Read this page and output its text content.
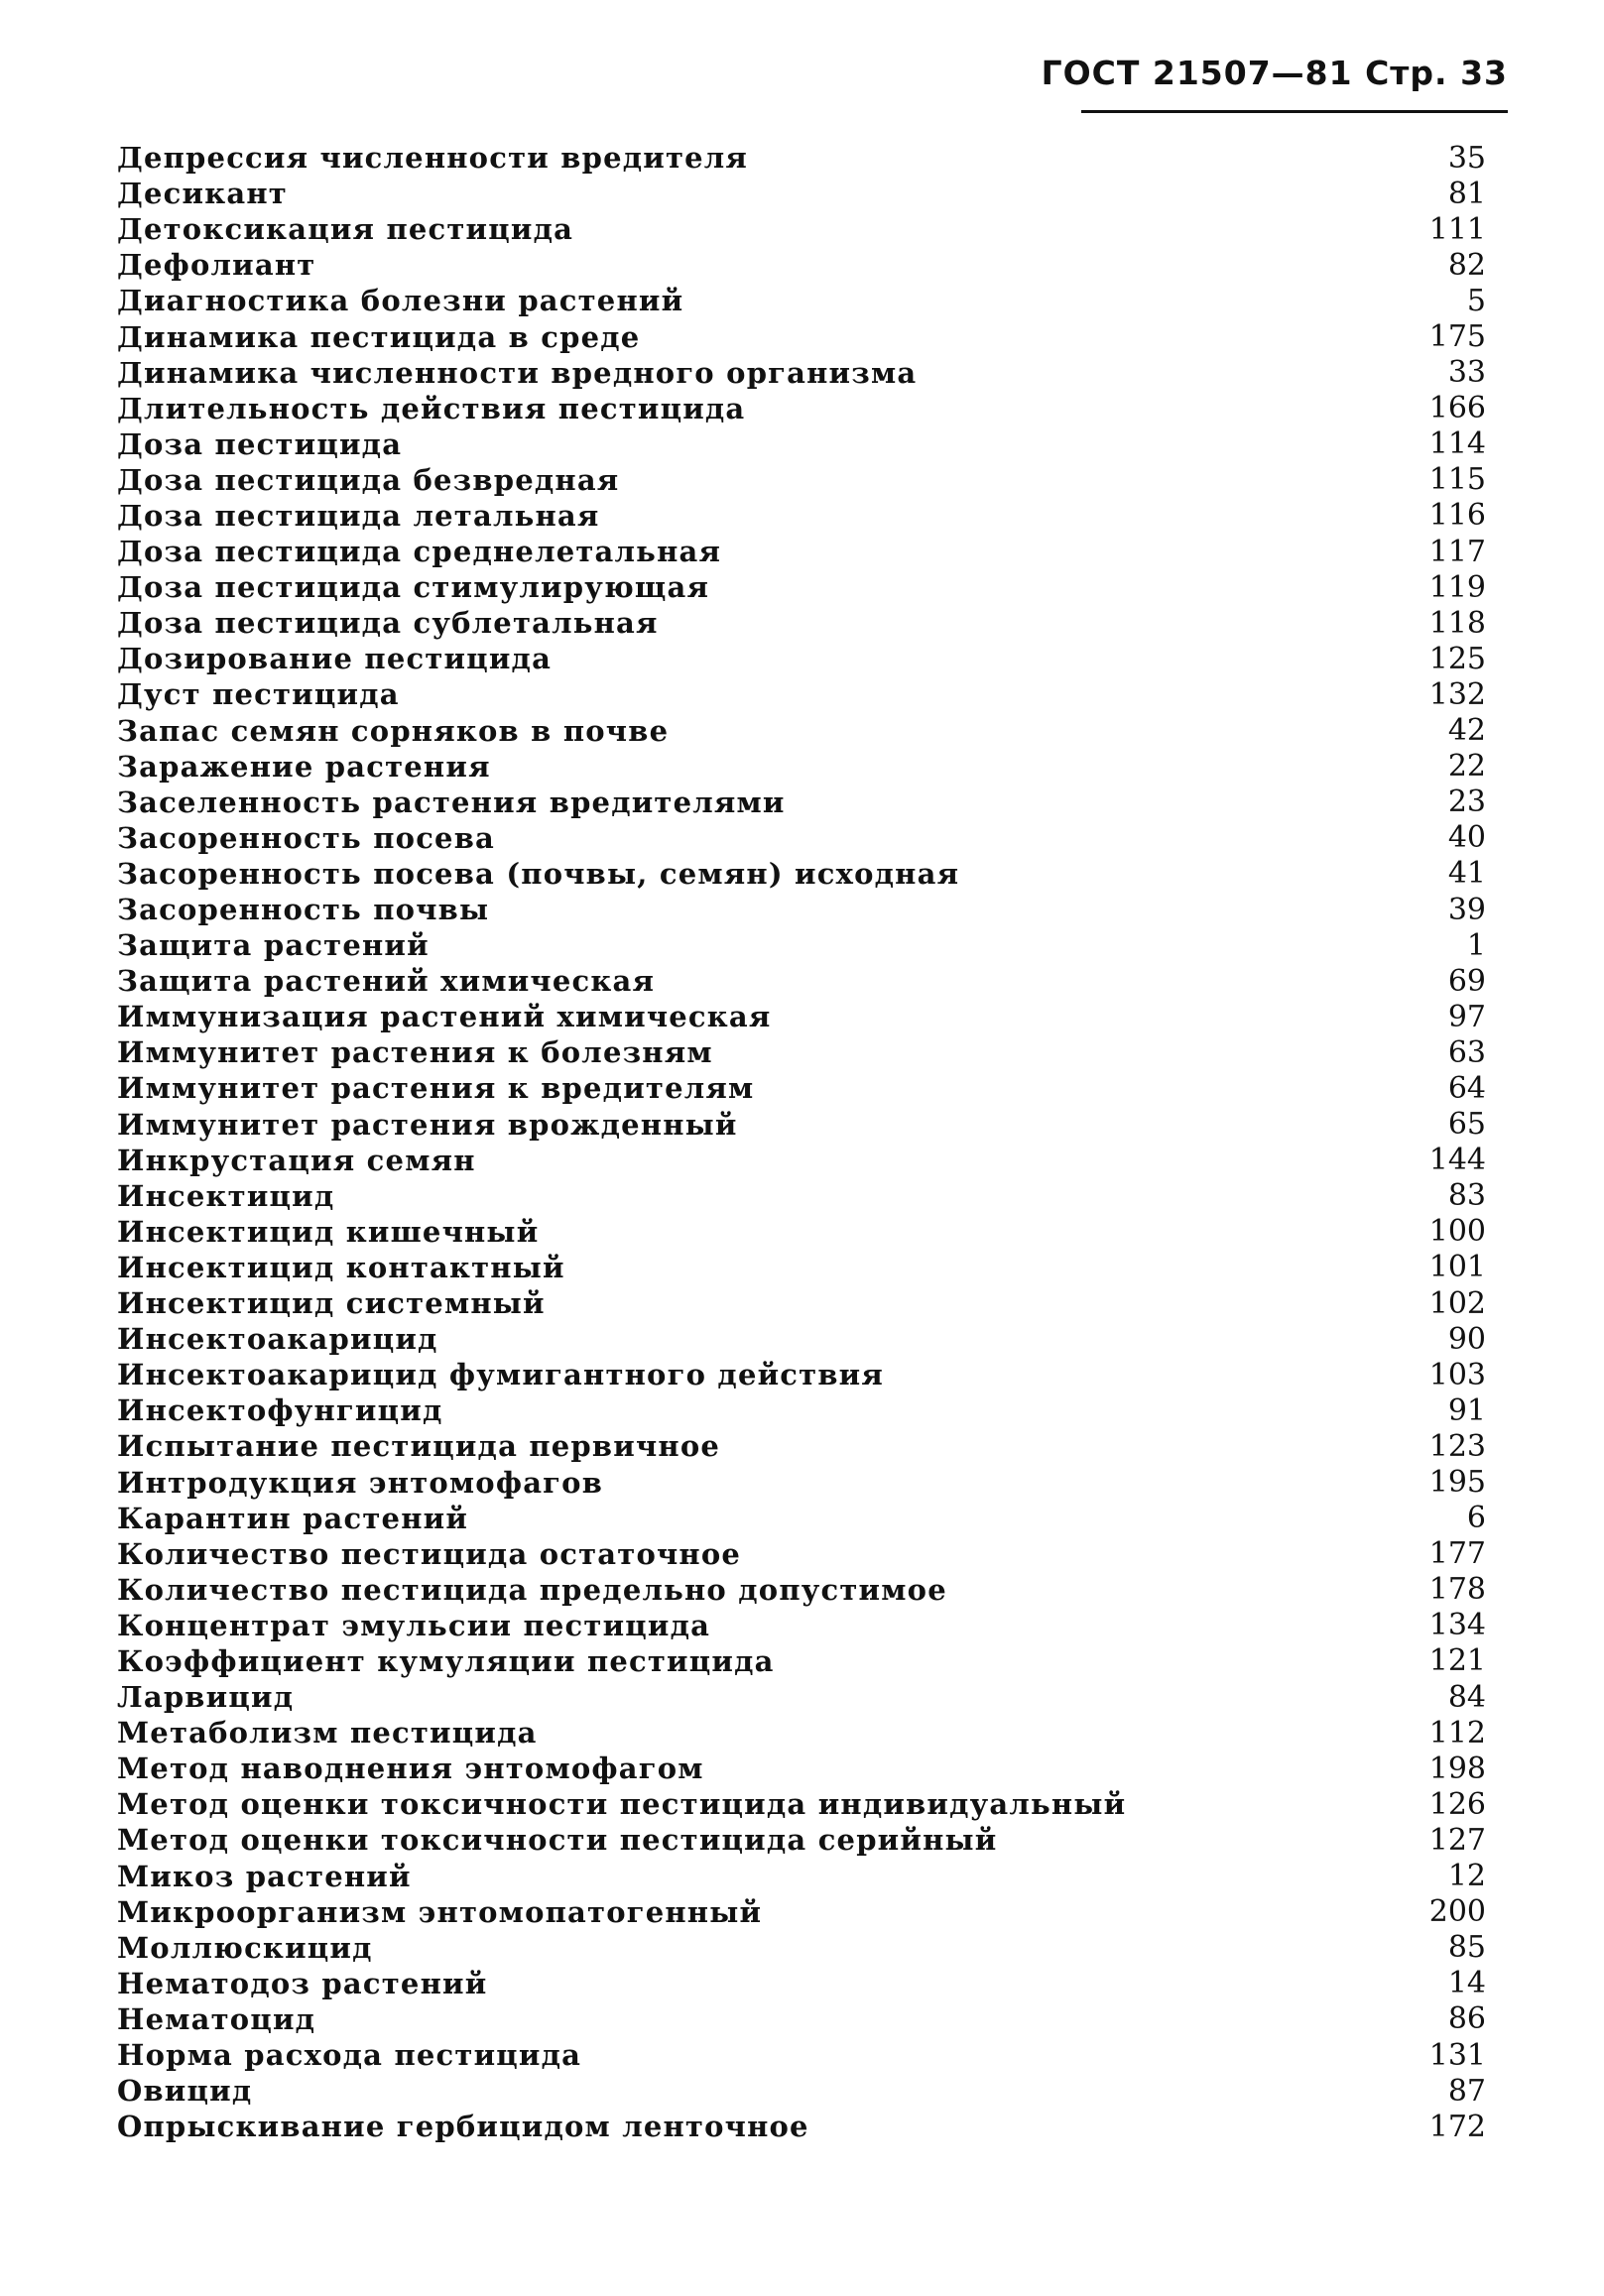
ГОСТ 21507—81 Стр. 33
Депрессия численности вредителя	35
Десикант	81
Детоксикация пестицида	111
Дефолиант	82
Диагностика болезни растений	5
Динамика пестицида в среде	175
Динамика численности вредного организма	33
Длительность действия пестицида	166
Доза пестицида	114
Доза пестицида безвредная	115
Доза пестицида летальная	116
Доза пестицида среднелетальная	117
Доза пестицида стимулирующая	119
Доза пестицида сублетальная	118
Дозирование пестицида	125
Дуст пестицида	132
Запас семян сорняков в почве	42
Заражение растения	22
Заселенность растения вредителями	23
Засоренность посева	40
Засоренность посева (почвы, семян) исходная	41
Засоренность почвы	39
Защита растений	1
Защита растений химическая	69
Иммунизация растений химическая	97
Иммунитет растения к болезням	63
Иммунитет растения к вредителям	64
Иммунитет растения врожденный	65
Инкрустация семян	144
Инсектицид	83
Инсектицид кишечный	100
Инсектицид контактный	101
Инсектицид системный	102
Инсектоакарицид	90
Инсектоакарицид фумигантного действия	103
Инсектофунгицид	91
Испытание пестицида первичное	123
Интродукция энтомофагов	195
Карантин растений	6
Количество пестицида остаточное	177
Количество пестицида предельно допустимое	178
Концентрат эмульсии пестицида	134
Коэффициент кумуляции пестицида	121
Ларвицид	84
Метаболизм пестицида	112
Метод наводнения энтомофагом	198
Метод оценки токсичности пестицида индивидуальный	126
Метод оценки токсичности пестицида серийный	127
Микоз растений	12
Микроорганизм энтомопатогенный	200
Моллюскицид	85
Нематодоз растений	14
Нематоцид	86
Норма расхода пестицида	131
Овицид	87
Опрыскивание гербицидом ленточное	172
